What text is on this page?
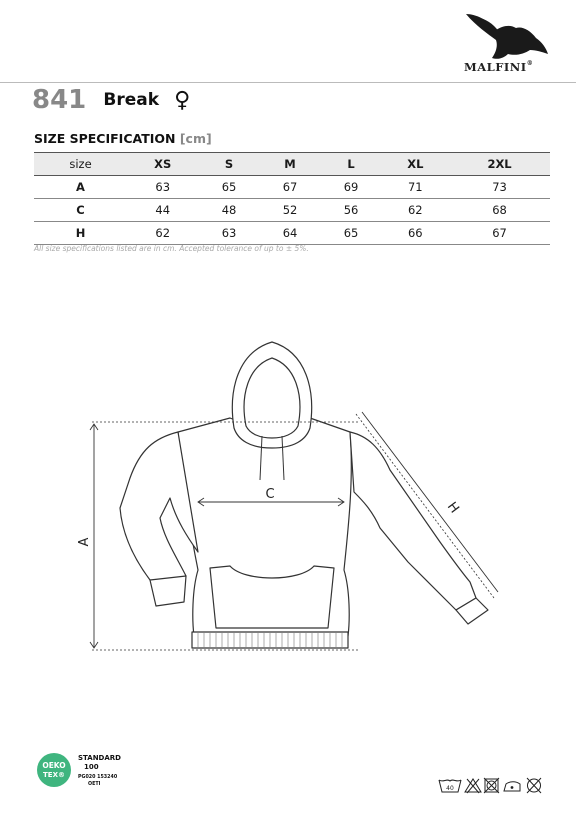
MALFINI®
841 Break ♀
SIZE SPECIFICATION [cm]
size	XS	S	M	L	XL	2XL
A	63	65	67	69	71	73
C	44	48	52	56	62	68
H	62	63	64	65	66	67
All size specifications listed are in cm. Accepted tolerance of up to ± 5%.
A
C
H
OEKO
TEX®
STANDARD
100
PG020 153240
OETI
40
